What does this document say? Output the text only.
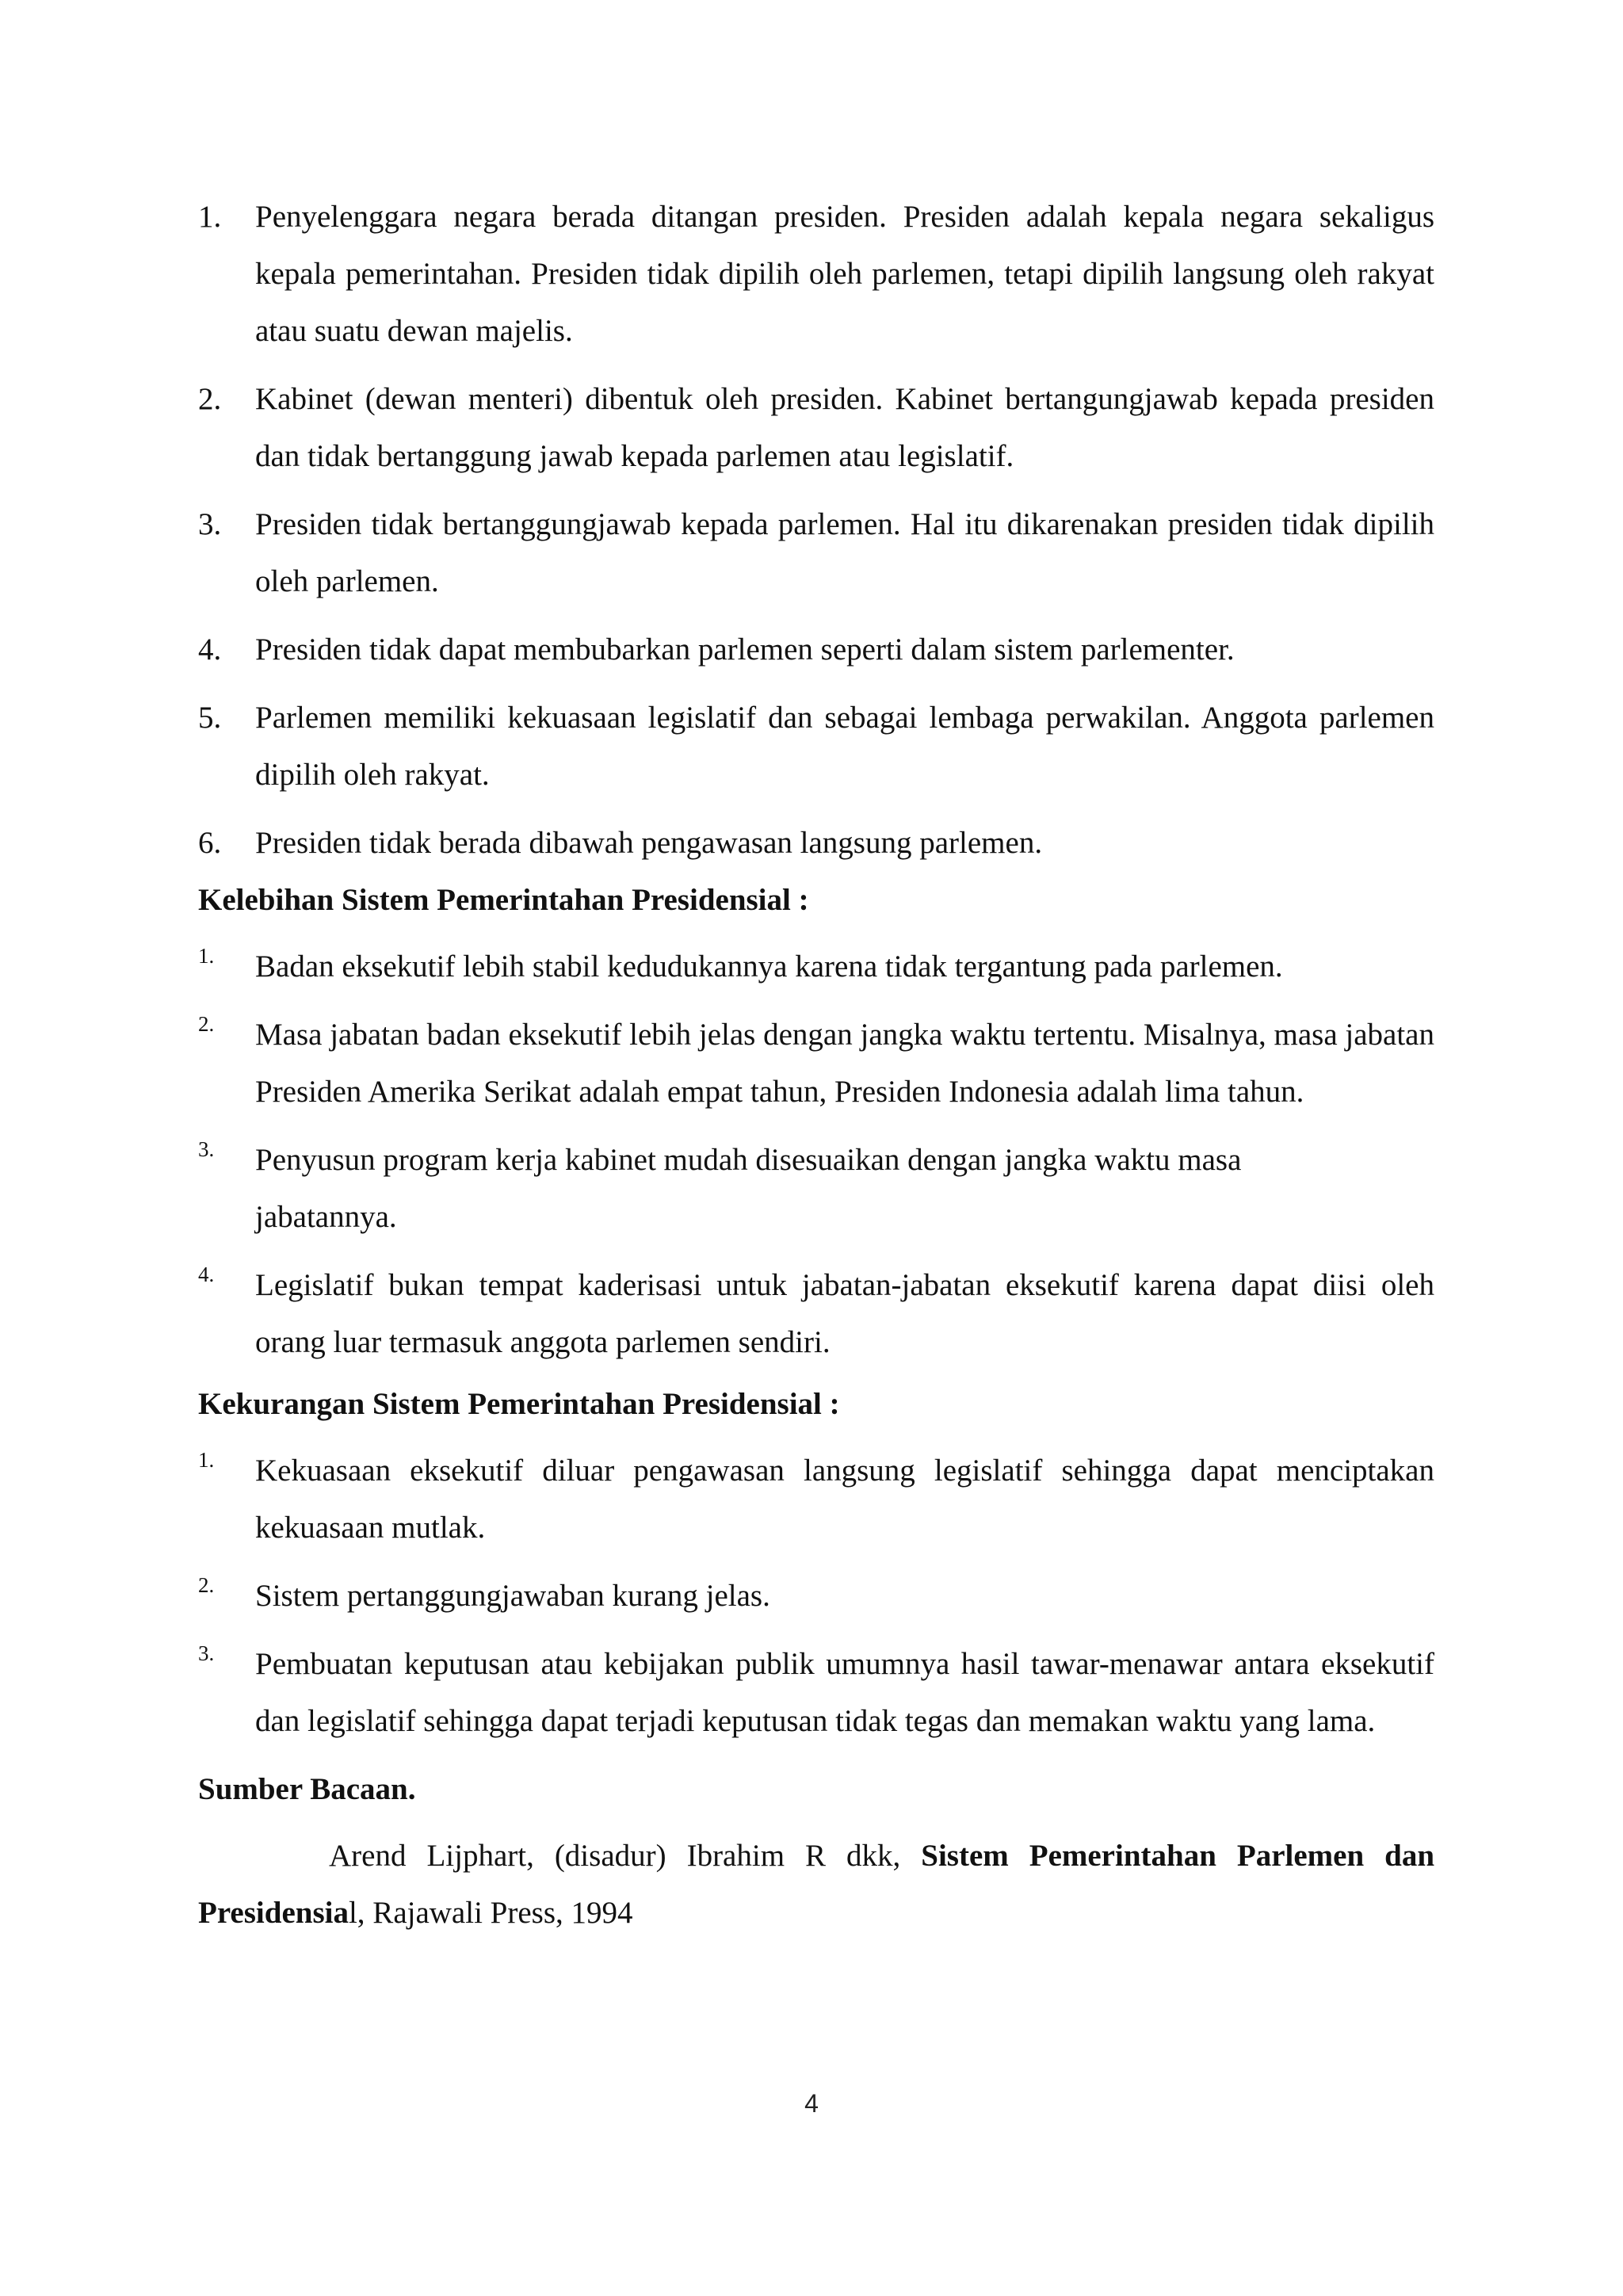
1. Penyelenggara negara berada ditangan presiden. Presiden adalah kepala negara sekaligus kepala pemerintahan. Presiden tidak dipilih oleh parlemen, tetapi dipilih langsung oleh rakyat atau suatu dewan majelis.
2. Kabinet (dewan menteri) dibentuk oleh presiden. Kabinet bertangungjawab kepada presiden dan tidak bertanggung jawab kepada parlemen atau legislatif.
3. Presiden tidak bertanggungjawab kepada parlemen. Hal itu dikarenakan presiden tidak dipilih oleh parlemen.
4. Presiden tidak dapat membubarkan parlemen seperti dalam sistem parlementer.
5. Parlemen memiliki kekuasaan legislatif dan sebagai lembaga perwakilan. Anggota parlemen dipilih oleh rakyat.
6. Presiden tidak berada dibawah pengawasan langsung parlemen.
Kelebihan Sistem Pemerintahan Presidensial :
1. Badan eksekutif lebih stabil kedudukannya karena tidak tergantung pada parlemen.
2. Masa jabatan badan eksekutif lebih jelas dengan jangka waktu tertentu. Misalnya, masa jabatan Presiden Amerika Serikat adalah empat tahun, Presiden Indonesia adalah lima tahun.
3. Penyusun program kerja kabinet mudah disesuaikan dengan jangka waktu masa jabatannya.
4. Legislatif bukan tempat kaderisasi untuk jabatan-jabatan eksekutif karena dapat diisi oleh orang luar termasuk anggota parlemen sendiri.
Kekurangan Sistem Pemerintahan Presidensial :
1. Kekuasaan eksekutif diluar pengawasan langsung legislatif sehingga dapat menciptakan kekuasaan mutlak.
2. Sistem pertanggungjawaban kurang jelas.
3. Pembuatan keputusan atau kebijakan publik umumnya hasil tawar-menawar antara eksekutif dan legislatif sehingga dapat terjadi keputusan tidak tegas dan memakan waktu yang lama.
Sumber Bacaan.
Arend Lijphart, (disadur) Ibrahim R dkk, Sistem Pemerintahan Parlemen dan Presidensial, Rajawali Press, 1994
4
